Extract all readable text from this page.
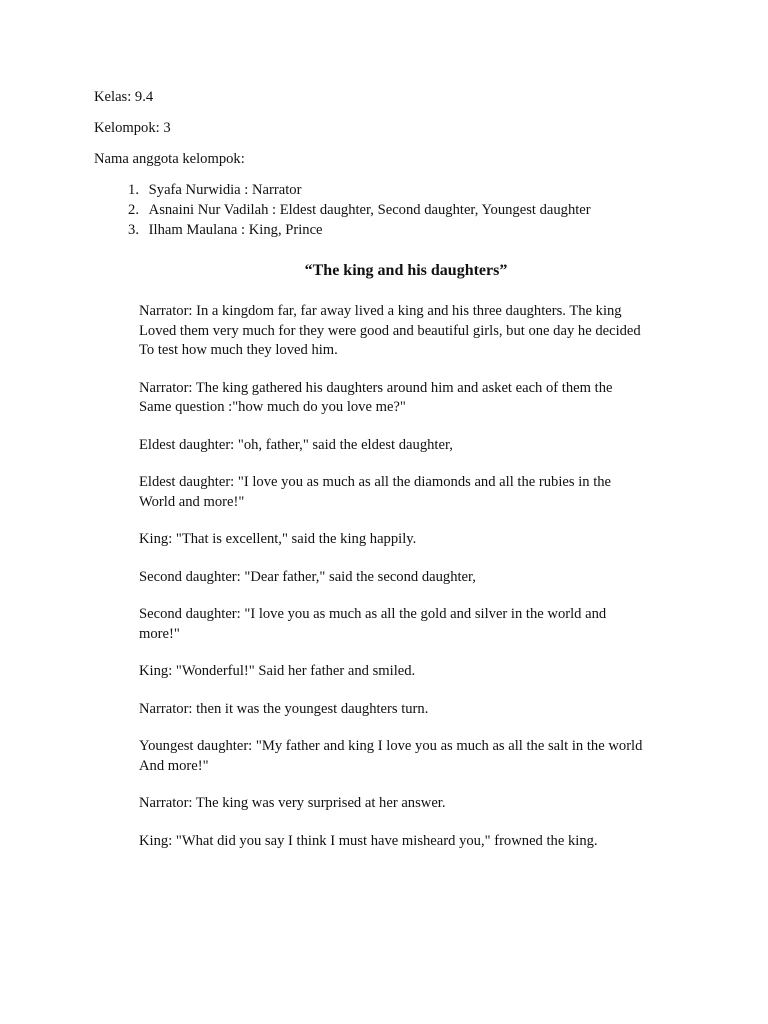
Kelas: 9.4

Kelompok: 3

Nama anggota kelompok:

1. Syafa Nurwidia : Narrator
2. Asnaini Nur Vadilah : Eldest daughter, Second daughter, Youngest daughter
3. Ilham Maulana : King, Prince
“The king and his daughters”

Narrator: In a kingdom far, far away lived a king and his three daughters. The king
Loved them very much for they were good and beautiful girls, but one day he decided
To test how much they loved him.

Narrator: The king gathered his daughters around him and asket each of them the
Same question :"how much do you love me?"

Eldest daughter: "oh, father," said the eldest daughter,

Eldest daughter: "I love you as much as all the diamonds and all the rubies in the
World and more!"

King: "That is excellent," said the king happily.

Second daughter: "Dear father," said the second daughter,

Second daughter: "I love you as much as all the gold and silver in the world and
more!"

King: "Wonderful!" Said her father and smiled.

Narrator: then it was the youngest daughters turn.

Youngest daughter: "My father and king I love you as much as all the salt in the world
And more!"

Narrator: The king was very surprised at her answer.

King: "What did you say I think I must have misheard you," frowned the king.
